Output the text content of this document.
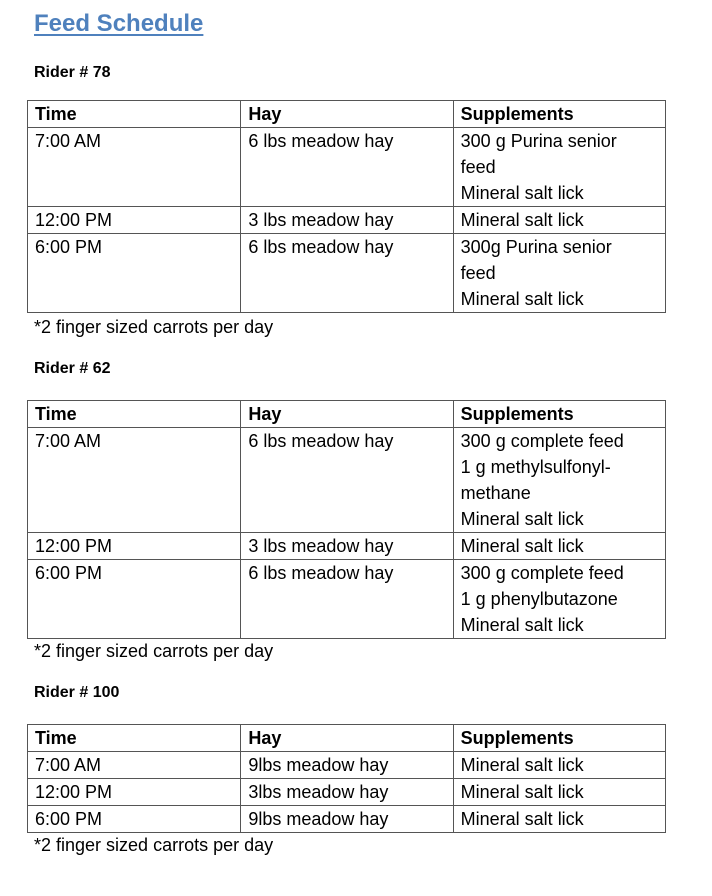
Feed Schedule
Rider # 78
Time	Hay	Supplements
7:00 AM	6 lbs meadow hay	300 g Purina senior
feed
Mineral salt lick

12:00 PM	3 lbs meadow hay	Mineral salt lick

6:00 PM	6 lbs meadow hay	300g Purina senior
feed
Mineral salt lick
*2 finger sized carrots per day
Rider # 62
Time	Hay	Supplements
7:00 AM	6 lbs meadow hay	300 g complete feed
1 g methylsulfonyl-
methane
Mineral salt lick

12:00 PM	3 lbs meadow hay	Mineral salt lick

6:00 PM	6 lbs meadow hay	300 g complete feed
1 g phenylbutazone
Mineral salt lick
*2 finger sized carrots per day
Rider # 100
Time	Hay	Supplements
7:00 AM	9lbs meadow hay	Mineral salt lick

12:00 PM	3lbs meadow hay	Mineral salt lick

6:00 PM	9lbs meadow hay	Mineral salt lick
*2 finger sized carrots per day
